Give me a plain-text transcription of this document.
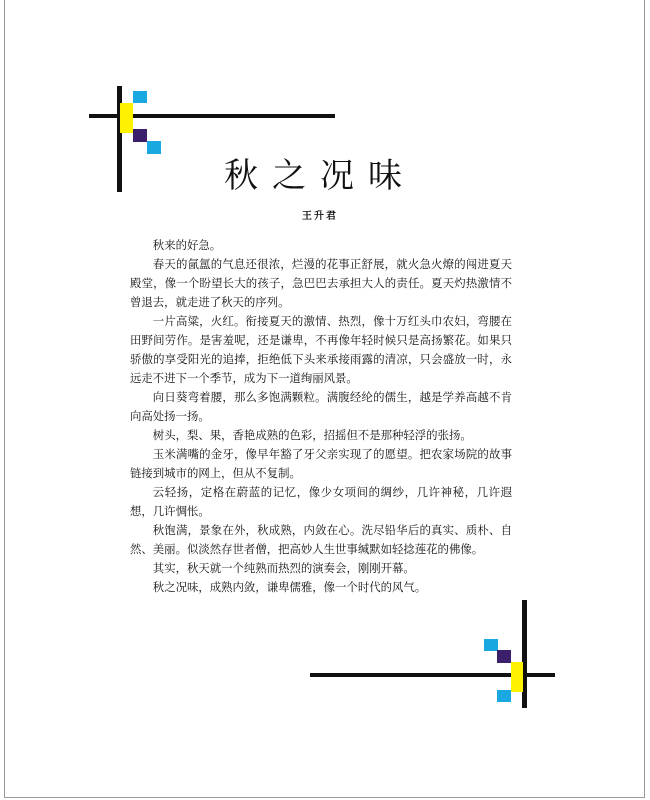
秋之况味
王升君

秋来的好急。

春天的氤氲的气息还很浓，烂漫的花事正舒展，就火急火燎的闯进夏天殿堂，像一个盼望长大的孩子，急巴巴去承担大人的责任。夏天灼热激情不曾退去，就走进了秋天的序列。

一片高粱，火红。衔接夏天的激情、热烈，像十万红头巾农妇，弯腰在田野间劳作。是害羞呢，还是谦卑，不再像年轻时候只是高扬繁花。如果只骄傲的享受阳光的追捧，拒绝低下头来承接雨露的清凉，只会盛放一时，永远走不进下一个季节，成为下一道绚丽风景。

向日葵弯着腰，那么多饱满颗粒。满腹经纶的儒生，越是学养高越不肯向高处扬一扬。

树头，梨、果，香艳成熟的色彩，招摇但不是那种轻浮的张扬。

玉米满嘴的金牙，像早年豁了牙父亲实现了的愿望。把农家场院的故事链接到城市的网上，但从不复制。

云轻扬，定格在蔚蓝的记忆，像少女项间的绸纱，几许神秘，几许遐想，几许惆怅。

秋饱满，景象在外，秋成熟，内敛在心。洗尽铅华后的真实、质朴、自然、美丽。似淡然存世者僧，把高妙人生世事缄默如轻捻莲花的佛像。

其实，秋天就一个纯熟而热烈的演奏会，刚刚开幕。

秋之况味，成熟内敛，谦卑儒雅，像一个时代的风气。
